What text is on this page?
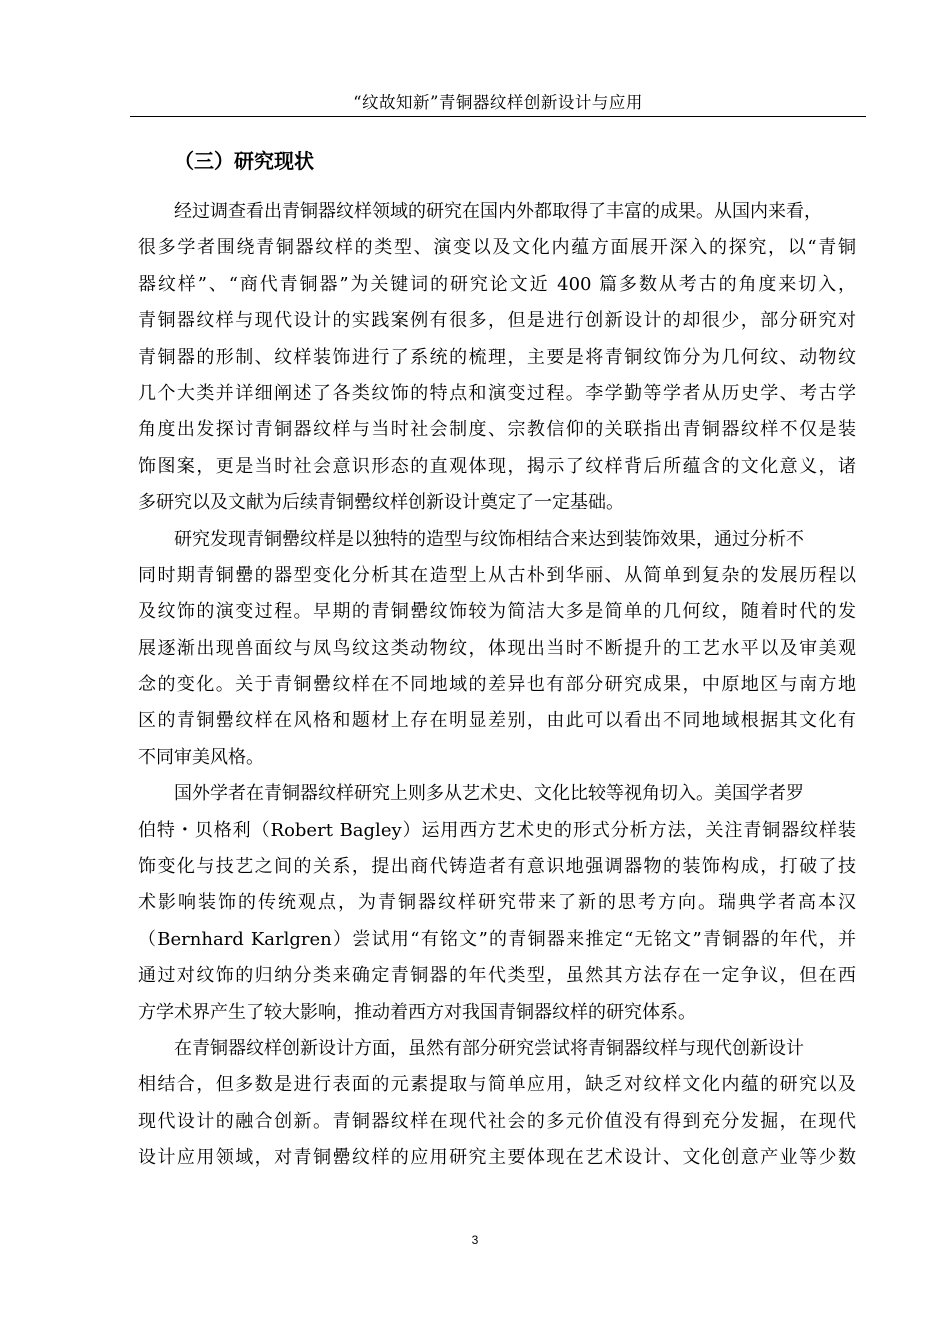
“纹故知新”青铜器纹样创新设计与应用
（三）研究现状
经过调查看出青铜器纹样领域的研究在国内外都取得了丰富的成果。从国内来看，
很多学者围绕青铜器纹样的类型、演变以及文化内蕴方面展开深入的探究，以“青铜
器纹样”、“商代青铜器”为关键词的研究论文近 400 篇多数从考古的角度来切入，
青铜器纹样与现代设计的实践案例有很多，但是进行创新设计的却很少，部分研究对
青铜器的形制、纹样装饰进行了系统的梳理，主要是将青铜纹饰分为几何纹、动物纹
几个大类并详细阐述了各类纹饰的特点和演变过程。李学勤等学者从历史学、考古学
角度出发探讨青铜器纹样与当时社会制度、宗教信仰的关联指出青铜器纹样不仅是装
饰图案，更是当时社会意识形态的直观体现，揭示了纹样背后所蕴含的文化意义，诸
多研究以及文献为后续青铜罍纹样创新设计奠定了一定基础。
研究发现青铜罍纹样是以独特的造型与纹饰相结合来达到装饰效果，通过分析不
同时期青铜罍的器型变化分析其在造型上从古朴到华丽、从简单到复杂的发展历程以
及纹饰的演变过程。早期的青铜罍纹饰较为简洁大多是简单的几何纹，随着时代的发
展逐渐出现兽面纹与凤鸟纹这类动物纹，体现出当时不断提升的工艺水平以及审美观
念的变化。关于青铜罍纹样在不同地域的差异也有部分研究成果，中原地区与南方地
区的青铜罍纹样在风格和题材上存在明显差别，由此可以看出不同地域根据其文化有
不同审美风格。
国外学者在青铜器纹样研究上则多从艺术史、文化比较等视角切入。美国学者罗
伯特・贝格利（Robert Bagley）运用西方艺术史的形式分析方法，关注青铜器纹样装
饰变化与技艺之间的关系，提出商代铸造者有意识地强调器物的装饰构成，打破了技
术影响装饰的传统观点，为青铜器纹样研究带来了新的思考方向。瑞典学者高本汉
（Bernhard Karlgren）尝试用“有铭文”的青铜器来推定“无铭文”青铜器的年代，并
通过对纹饰的归纳分类来确定青铜器的年代类型，虽然其方法存在一定争议，但在西
方学术界产生了较大影响，推动着西方对我国青铜器纹样的研究体系。
在青铜器纹样创新设计方面，虽然有部分研究尝试将青铜器纹样与现代创新设计
相结合，但多数是进行表面的元素提取与简单应用，缺乏对纹样文化内蕴的研究以及
现代设计的融合创新。青铜器纹样在现代社会的多元价值没有得到充分发掘，在现代
设计应用领域，对青铜罍纹样的应用研究主要体现在艺术设计、文化创意产业等少数
3
